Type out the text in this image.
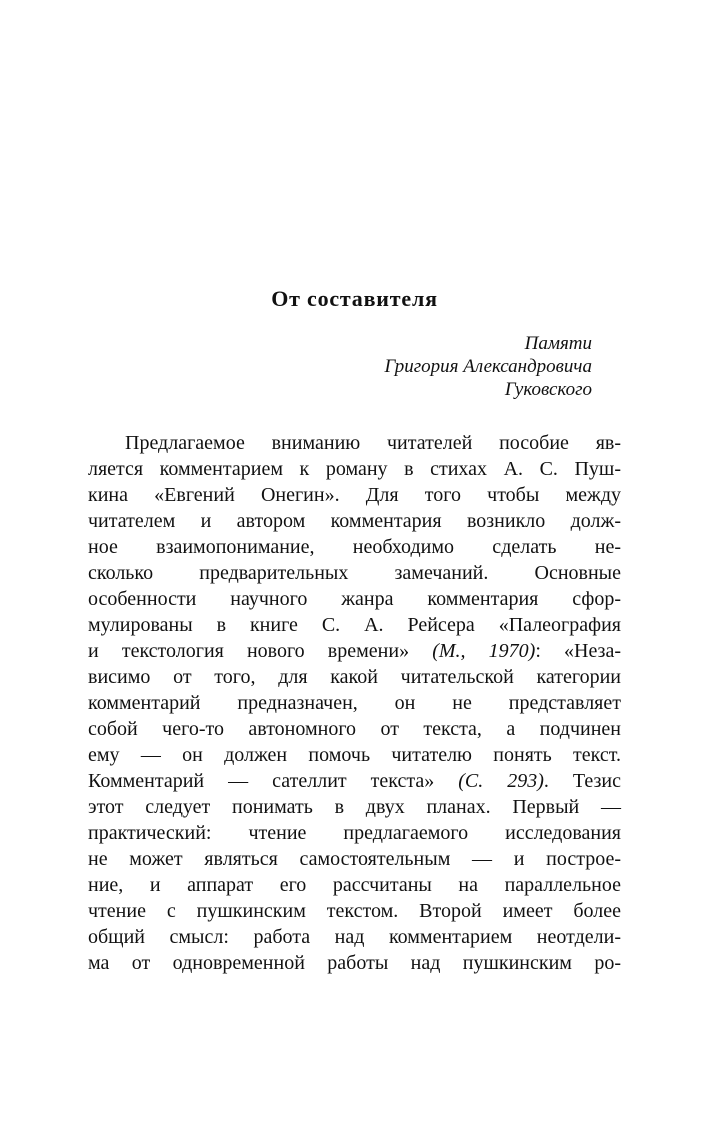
От составителя
Памяти
Григория Александровича
Гуковского
Предлагаемое вниманию читателей пособие яв-
ляется комментарием к роману в стихах А. С. Пуш-
кина «Евгений Онегин». Для того чтобы между
читателем и автором комментария возникло долж-
ное взаимопонимание, необходимо сделать не-
сколько предварительных замечаний. Основные
особенности научного жанра комментария сфор-
мулированы в книге С. А. Рейсера «Палеография
и текстология нового времени» (М., 1970): «Неза-
висимо от того, для какой читательской категории
комментарий предназначен, он не представляет
собой чего-то автономного от текста, а подчинен
ему — он должен помочь читателю понять текст.
Комментарий — сателлит текста» (С. 293). Тезис
этот следует понимать в двух планах. Первый —
практический: чтение предлагаемого исследования
не может являться самостоятельным — и построе-
ние, и аппарат его рассчитаны на параллельное
чтение с пушкинским текстом. Второй имеет более
общий смысл: работа над комментарием неотдели-
ма от одновременной работы над пушкинским ро-
